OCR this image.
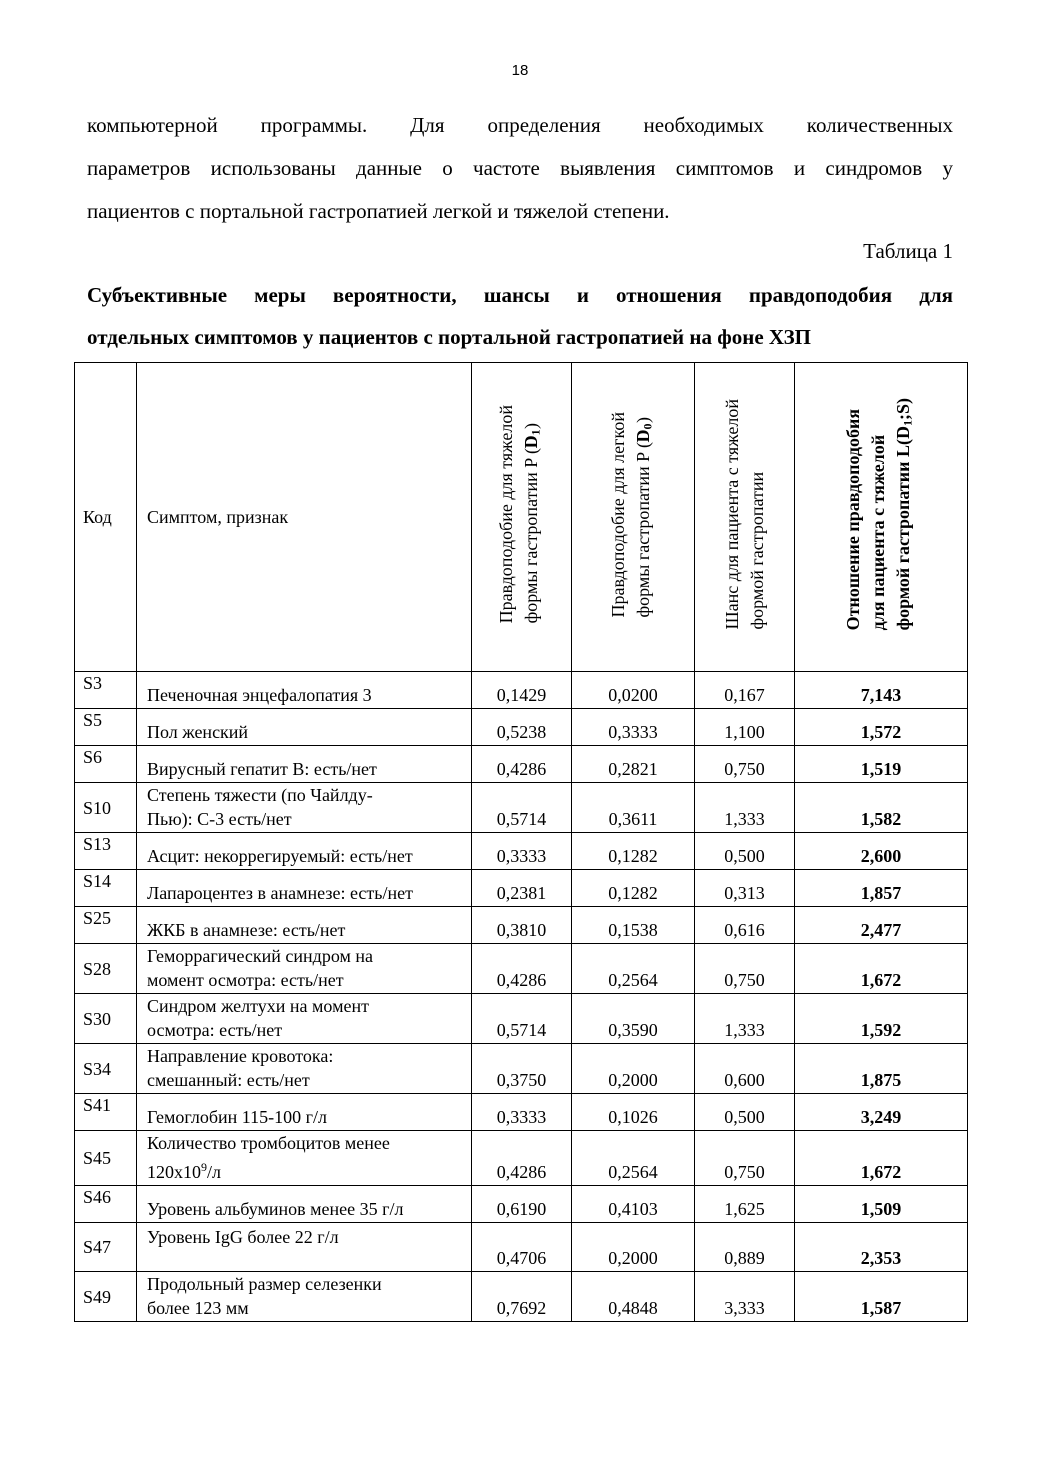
18
компьютерной программы. Для определения необходимых количественных
параметров использованы данные о частоте выявления симптомов и синдромов у
пациентов с портальной гастропатией легкой и тяжелой степени.
Таблица 1
Субъективные меры вероятности, шансы и отношения правдоподобия для
отдельных симптомов у пациентов с портальной гастропатией на фоне ХЗП
Код	Симптом, признак	Правдоподобие для тяжелой формы гастропатии P $(D_1)$	Правдоподобие для легкой формы гастропатии P $(D_0)$	Шанс для пациента с тяжелой формой гастропатии	Отношение правдоподобия для пациента с тяжелой формой гастропатии $L(D_1;S)$
S3	Печеночная энцефалопатия 3	0,1429	0,0200	0,167	7,143
S5	Пол женский	0,5238	0,3333	1,100	1,572
S6	Вирусный гепатит В: есть/нет	0,4286	0,2821	0,750	1,519
S10	Степень тяжести (по Чайлду-
Пью): С-3 есть/нет	0,5714	0,3611	1,333	1,582
S13	Асцит: некоррегируемый: есть/нет	0,3333	0,1282	0,500	2,600
S14	Лапароцентез в анамнезе: есть/нет	0,2381	0,1282	0,313	1,857
S25	ЖКБ в анамнезе: есть/нет	0,3810	0,1538	0,616	2,477
S28	Геморрагический синдром на
момент осмотра: есть/нет	0,4286	0,2564	0,750	1,672
S30	Синдром желтухи на момент
осмотра: есть/нет	0,5714	0,3590	1,333	1,592
S34	Направление кровотока:
смешанный: есть/нет	0,3750	0,2000	0,600	1,875
S41	Гемоглобин 115-100 г/л	0,3333	0,1026	0,500	3,249
S45	Количество тромбоцитов менее
$120x10^9/л$	0,4286	0,2564	0,750	1,672
S46	Уровень альбуминов менее 35 г/л	0,6190	0,4103	1,625	1,509
S47	Уровень IgG более 22 г/л	0,4706	0,2000	0,889	2,353
S49	Продольный размер селезенки
более 123 мм	0,7692	0,4848	3,333	1,587
